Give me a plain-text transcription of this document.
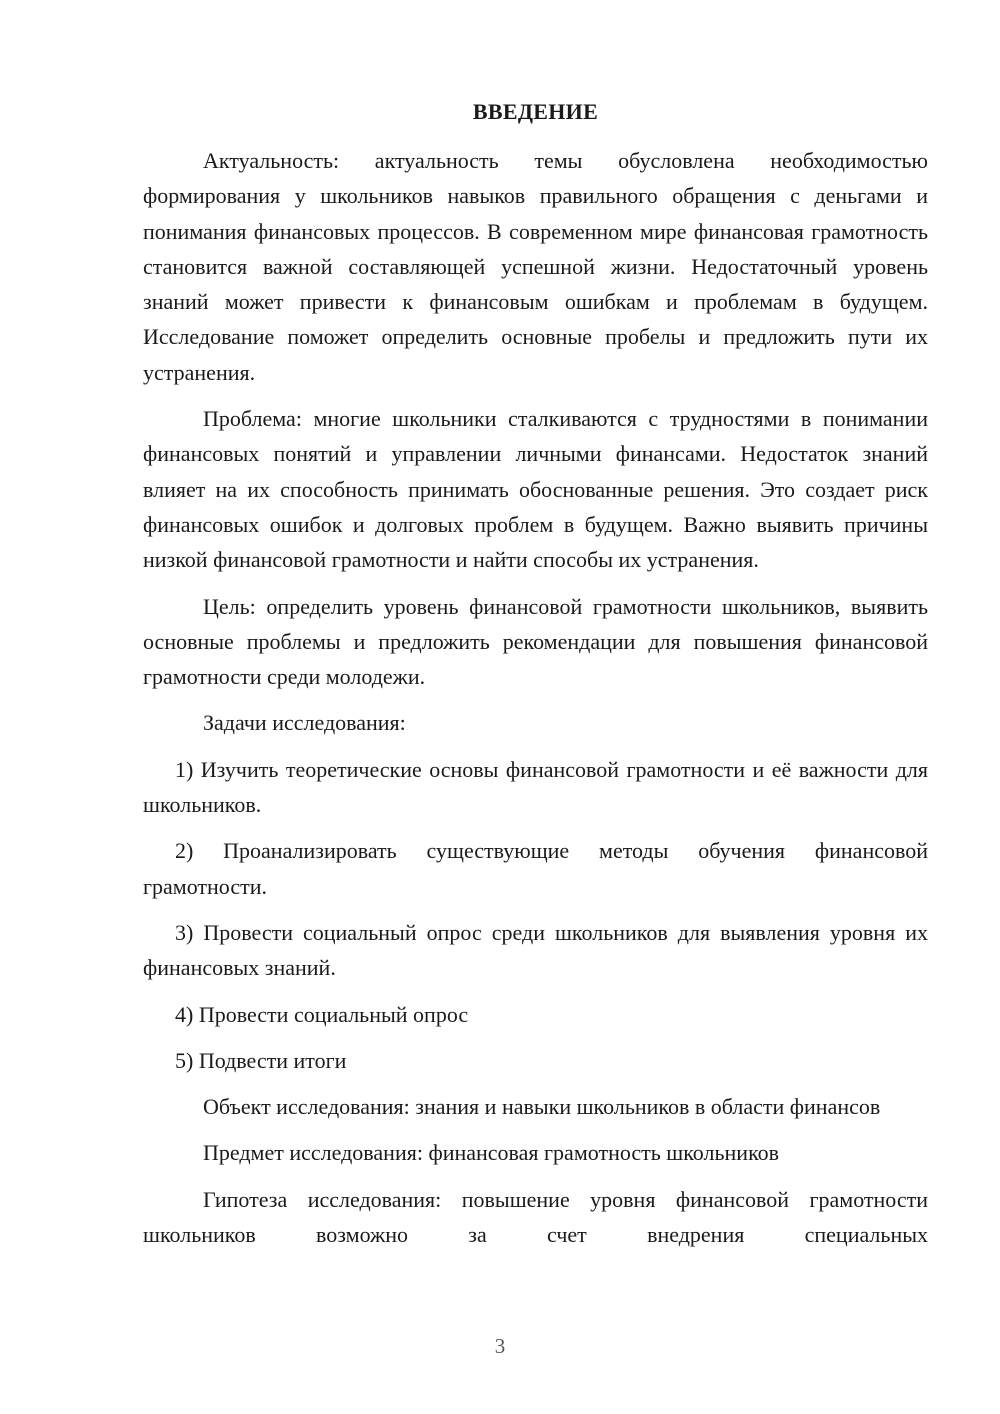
ВВЕДЕНИЕ

Актуальность: актуальность темы обусловлена необходимостью формирования у школьников навыков правильного обращения с деньгами и понимания финансовых процессов. В современном мире финансовая грамотность становится важной составляющей успешной жизни. Недостаточный уровень знаний может привести к финансовым ошибкам и проблемам в будущем. Исследование поможет определить основные пробелы и предложить пути их устранения.

Проблема: многие школьники сталкиваются с трудностями в понимании финансовых понятий и управлении личными финансами. Недостаток знаний влияет на их способность принимать обоснованные решения. Это создает риск финансовых ошибок и долговых проблем в будущем. Важно выявить причины низкой финансовой грамотности и найти способы их устранения.

Цель: определить уровень финансовой грамотности школьников, выявить основные проблемы и предложить рекомендации для повышения финансовой грамотности среди молодежи.

Задачи исследования:

1) Изучить теоретические основы финансовой грамотности и её важности для школьников.

2) Проанализировать существующие методы обучения финансовой грамотности.

3) Провести социальный опрос среди школьников для выявления уровня их финансовых знаний.

4) Провести социальный опрос

5) Подвести итоги

Объект исследования: знания и навыки школьников в области финансов

Предмет исследования: финансовая грамотность школьников

Гипотеза исследования: повышение уровня финансовой грамотности школьников возможно за счет внедрения специальных

3
